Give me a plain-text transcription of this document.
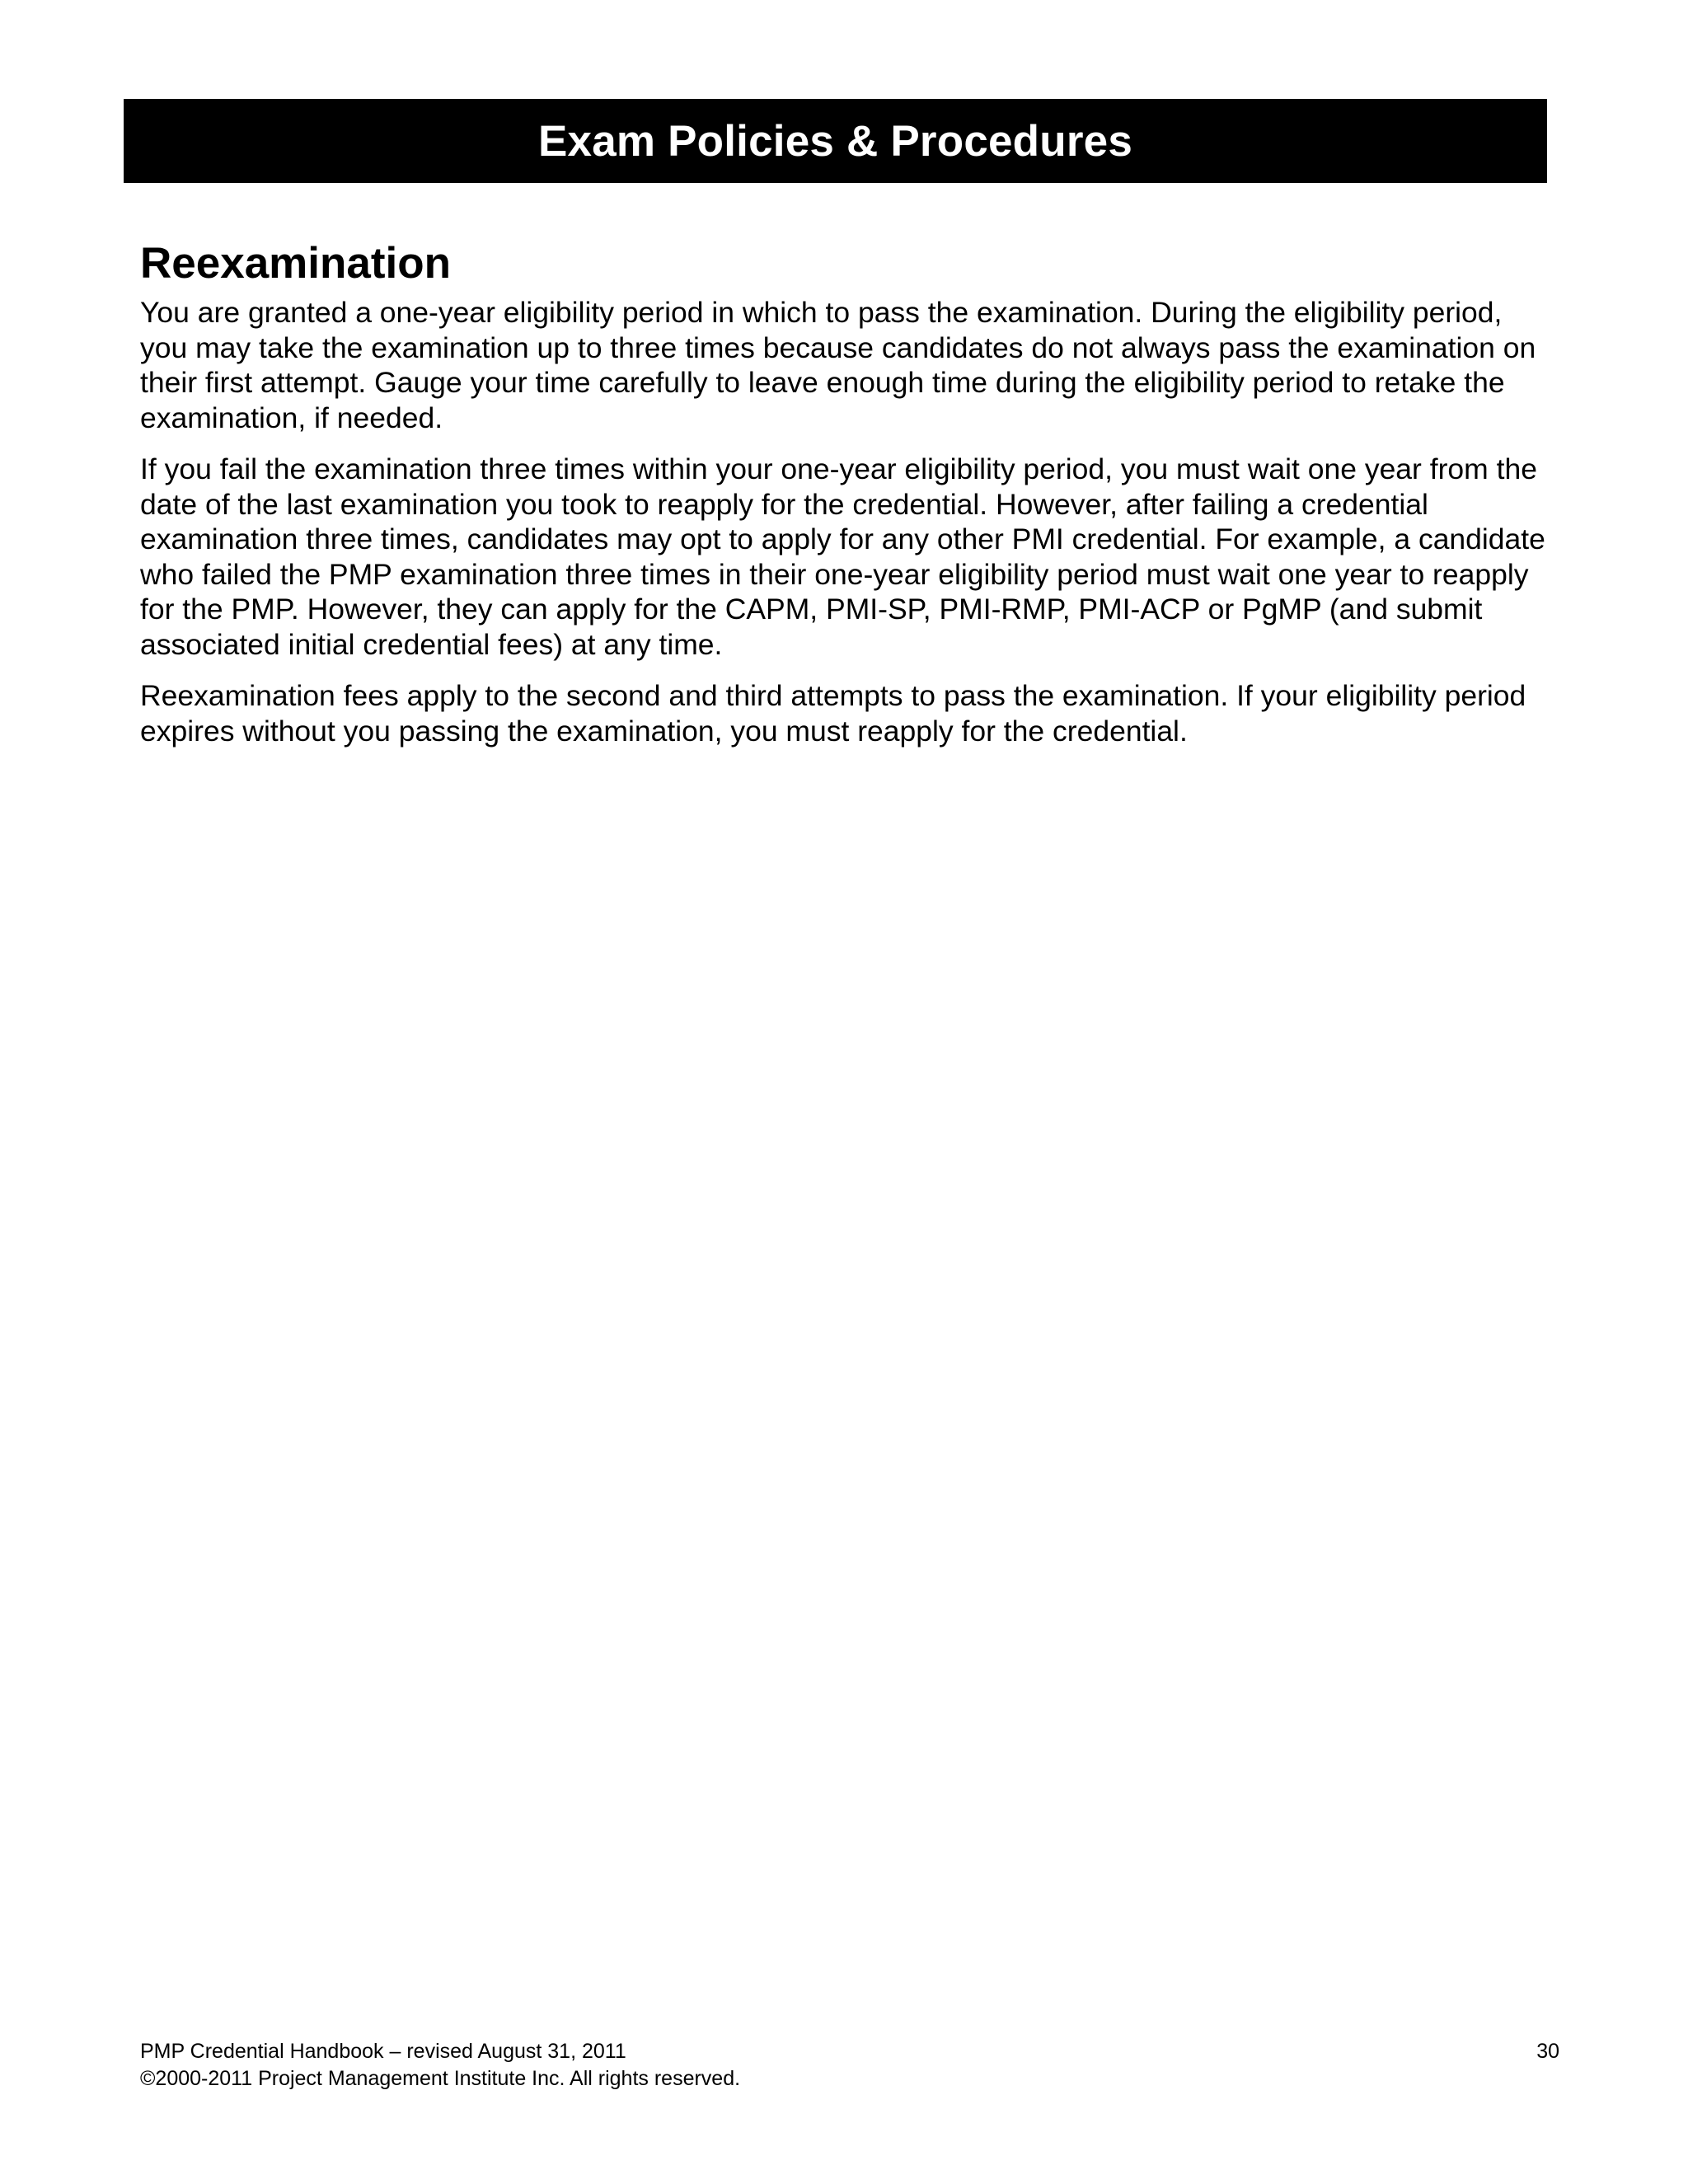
Exam Policies & Procedures
Reexamination

You are granted a one-year eligibility period in which to pass the examination. During the eligibility period, you may take the examination up to three times because candidates do not always pass the examination on their first attempt. Gauge your time carefully to leave enough time during the eligibility period to retake the examination, if needed.

If you fail the examination three times within your one-year eligibility period, you must wait one year from the date of the last examination you took to reapply for the credential. However, after failing a credential examination three times, candidates may opt to apply for any other PMI credential. For example, a candidate who failed the PMP examination three times in their one-year eligibility period must wait one year to reapply for the PMP. However, they can apply for the CAPM, PMI-SP, PMI-RMP, PMI-ACP or PgMP (and submit associated initial credential fees) at any time.

Reexamination fees apply to the second and third attempts to pass the examination. If your eligibility period expires without you passing the examination, you must reapply for the credential.

PMP Credential Handbook – revised August 31, 2011	30
©2000-2011 Project Management Institute Inc. All rights reserved.
